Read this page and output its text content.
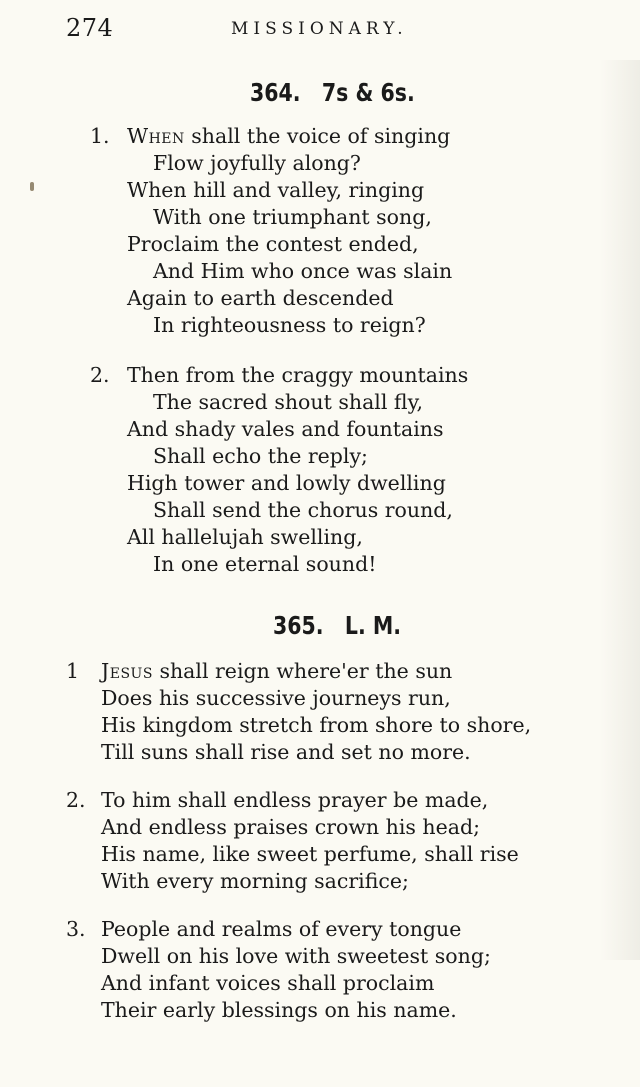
274	MISSIONARY.
364. 7s & 6s.
1. When shall the voice of singing
Flow joyfully along?
When hill and valley, ringing
With one triumphant song,
Proclaim the contest ended,
And Him who once was slain
Again to earth descended
In righteousness to reign?
2. Then from the craggy mountains
The sacred shout shall fly,
And shady vales and fountains
Shall echo the reply;
High tower and lowly dwelling
Shall send the chorus round,
All hallelujah swelling,
In one eternal sound!
365. L. M.
1 Jesus shall reign where'er the sun
Does his successive journeys run,
His kingdom stretch from shore to shore,
Till suns shall rise and set no more.
2. To him shall endless prayer be made,
And endless praises crown his head;
His name, like sweet perfume, shall rise
With every morning sacrifice;
3. People and realms of every tongue
Dwell on his love with sweetest song;
And infant voices shall proclaim
Their early blessings on his name.
